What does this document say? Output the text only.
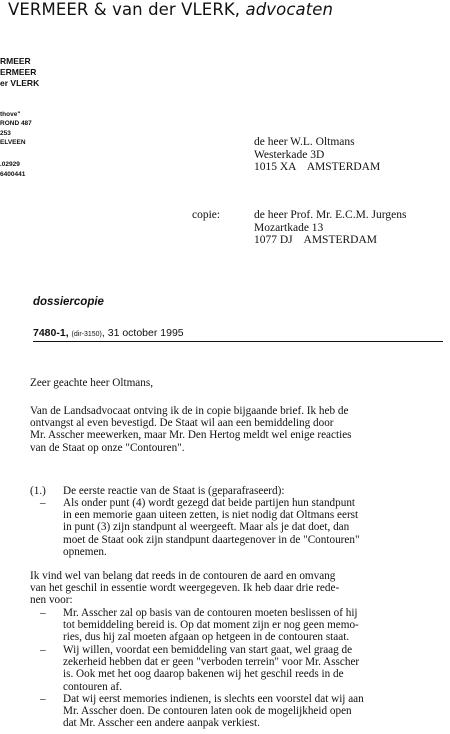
VERMEER & van der VLERK, advocaten
RMEER
ERMEER
er VLERK
thove"
ROND 487
253
ELVEEN
.02929
6400441
de heer W.L. Oltmans
Westerkade 3D
1015 XA    AMSTERDAM
copie:	de heer Prof. Mr. E.C.M. Jurgens
Mozartkade 13
1077 DJ    AMSTERDAM
dossiercopie
7480-1, (dir-3150), 31 october 1995
Zeer geachte heer Oltmans,
Van de Landsadvocaat ontving ik de in copie bijgaande brief. Ik heb de
ontvangst al even bevestigd. De Staat wil aan een bemiddeling door
Mr. Asscher meewerken, maar Mr. Den Hertog meldt wel enige reacties
van de Staat op onze "Contouren".
(1.) De eerste reactie van de Staat is (geparafraseerd):
– Als onder punt (4) wordt gezegd dat beide partijen hun standpunt
in een memorie gaan uiteen zetten, is niet nodig dat Oltmans eerst
in punt (3) zijn standpunt al weergeeft. Maar als je dat doet, dan
moet de Staat ook zijn standpunt daartegenover in de "Contouren"
opnemen.
Ik vind wel van belang dat reeds in de contouren de aard en omvang
van het geschil in essentie wordt weergegeven. Ik heb daar drie rede-
nen voor:
– Mr. Asscher zal op basis van de contouren moeten beslissen of hij
tot bemiddeling bereid is. Op dat moment zijn er nog geen memo-
ries, dus hij zal moeten afgaan op hetgeen in de contouren staat.
– Wij willen, voordat een bemiddeling van start gaat, wel graag de
zekerheid hebben dat er geen "verboden terrein" voor Mr. Asscher
is. Ook met het oog daarop bakenen wij het geschil reeds in de
contouren af.
– Dat wij eerst memories indienen, is slechts een voorstel dat wij aan
Mr. Asscher doen. De contouren laten ook de mogelijkheid open
dat Mr. Asscher een andere aanpak verkiest.
